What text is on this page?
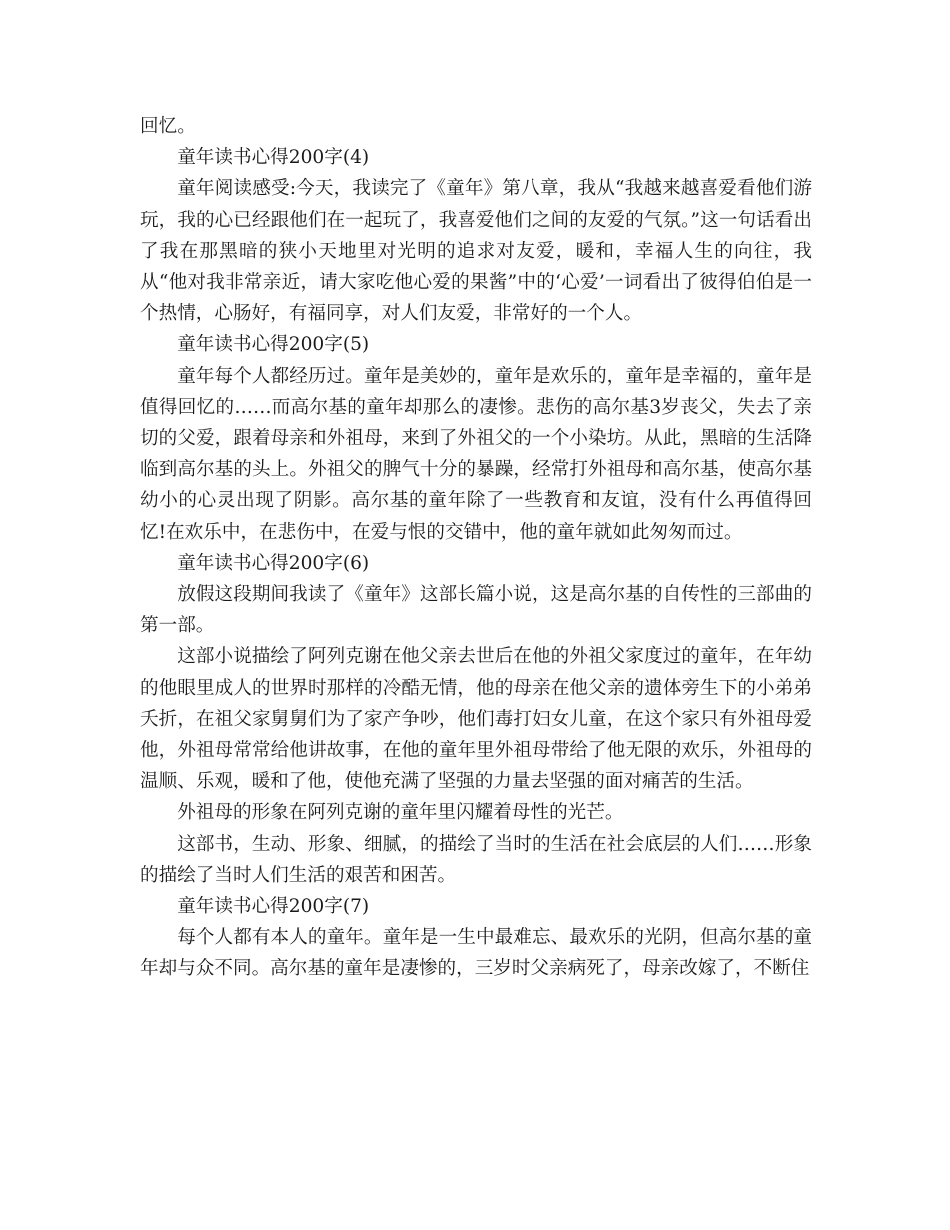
回忆。

童年读书心得200字(4)

童年阅读感受:今天，我读完了《童年》第八章，我从“我越来越喜爱看他们游玩，我的心已经跟他们在一起玩了，我喜爱他们之间的友爱的气氛。”这一句话看出了我在那黑暗的狭小天地里对光明的追求对友爱，暖和，幸福人生的向往，我从“他对我非常亲近，请大家吃他心爱的果酱”中的‘心爱’一词看出了彼得伯伯是一个热情，心肠好，有福同享，对人们友爱，非常好的一个人。

童年读书心得200字(5)

童年每个人都经历过。童年是美妙的，童年是欢乐的，童年是幸福的，童年是值得回忆的……而高尔基的童年却那么的凄惨。悲伤的高尔基3岁丧父，失去了亲切的父爱，跟着母亲和外祖母，来到了外祖父的一个小染坊。从此，黑暗的生活降临到高尔基的头上。外祖父的脾气十分的暴躁，经常打外祖母和高尔基，使高尔基幼小的心灵出现了阴影。高尔基的童年除了一些教育和友谊，没有什么再值得回忆!在欢乐中，在悲伤中，在爱与恨的交错中，他的童年就如此匆匆而过。

童年读书心得200字(6)

放假这段期间我读了《童年》这部长篇小说，这是高尔基的自传性的三部曲的第一部。

这部小说描绘了阿列克谢在他父亲去世后在他的外祖父家度过的童年，在年幼的他眼里成人的世界时那样的冷酷无情，他的母亲在他父亲的遗体旁生下的小弟弟夭折，在祖父家舅舅们为了家产争吵，他们毒打妇女儿童，在这个家只有外祖母爱他，外祖母常常给他讲故事，在他的童年里外祖母带给了他无限的欢乐，外祖母的温顺、乐观，暖和了他，使他充满了坚强的力量去坚强的面对痛苦的生活。

外祖母的形象在阿列克谢的童年里闪耀着母性的光芒。

这部书，生动、形象、细腻，的描绘了当时的生活在社会底层的人们……形象的描绘了当时人们生活的艰苦和困苦。

童年读书心得200字(7)

每个人都有本人的童年。童年是一生中最难忘、最欢乐的光阴，但高尔基的童年却与众不同。高尔基的童年是凄惨的，三岁时父亲病死了，母亲改嫁了，不断住
